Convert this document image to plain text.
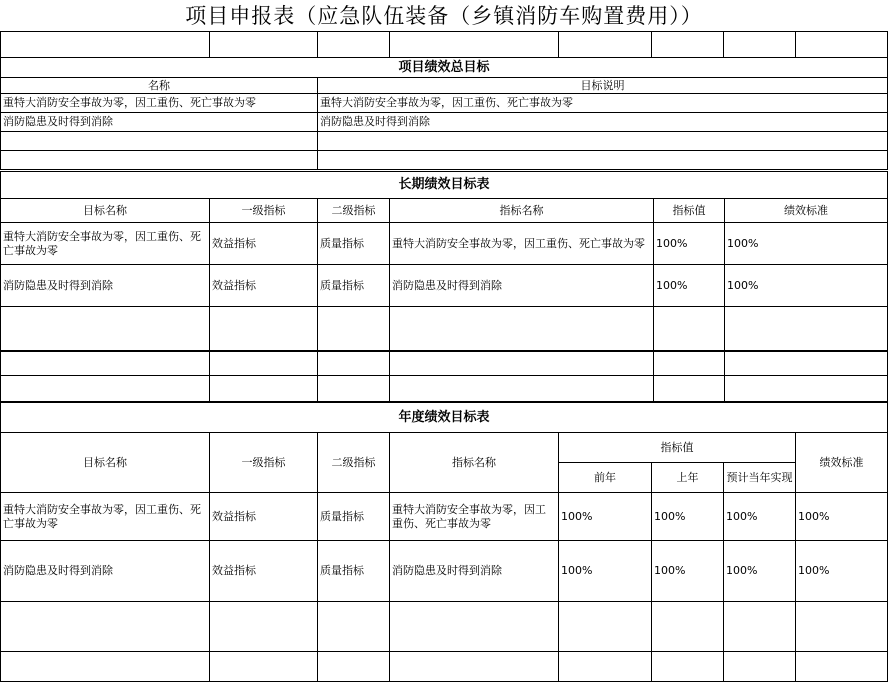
项目申报表（应急队伍装备（乡镇消防车购置费用））

项目绩效总目标							
名称		目标说明					
重特大消防安全事故为零，因工重伤、死亡事故为零		重特大消防安全事故为零，因工重伤、死亡事故为零					
消防隐患及时得到消除		消防隐患及时得到消除					

长期绩效目标表					
目标名称	一级指标	二级指标	指标名称	指标值	绩效标准
重特大消防安全事故为零，因工重伤、死亡事故为零	效益指标	质量指标	重特大消防安全事故为零，因工重伤、死亡事故为零	100%	100%
消防隐患及时得到消除	效益指标	质量指标	消防隐患及时得到消除	100%	100%

年度绩效目标表							
目标名称	一级指标	二级指标	指标名称	指标值			绩效标准
				前年	上年	预计当年实现	
重特大消防安全事故为零，因工重伤、死亡事故为零	效益指标	质量指标	重特大消防安全事故为零，因工重伤、死亡事故为零	100%	100%	100%	100%
消防隐患及时得到消除	效益指标	质量指标	消防隐患及时得到消除	100%	100%	100%	100%
